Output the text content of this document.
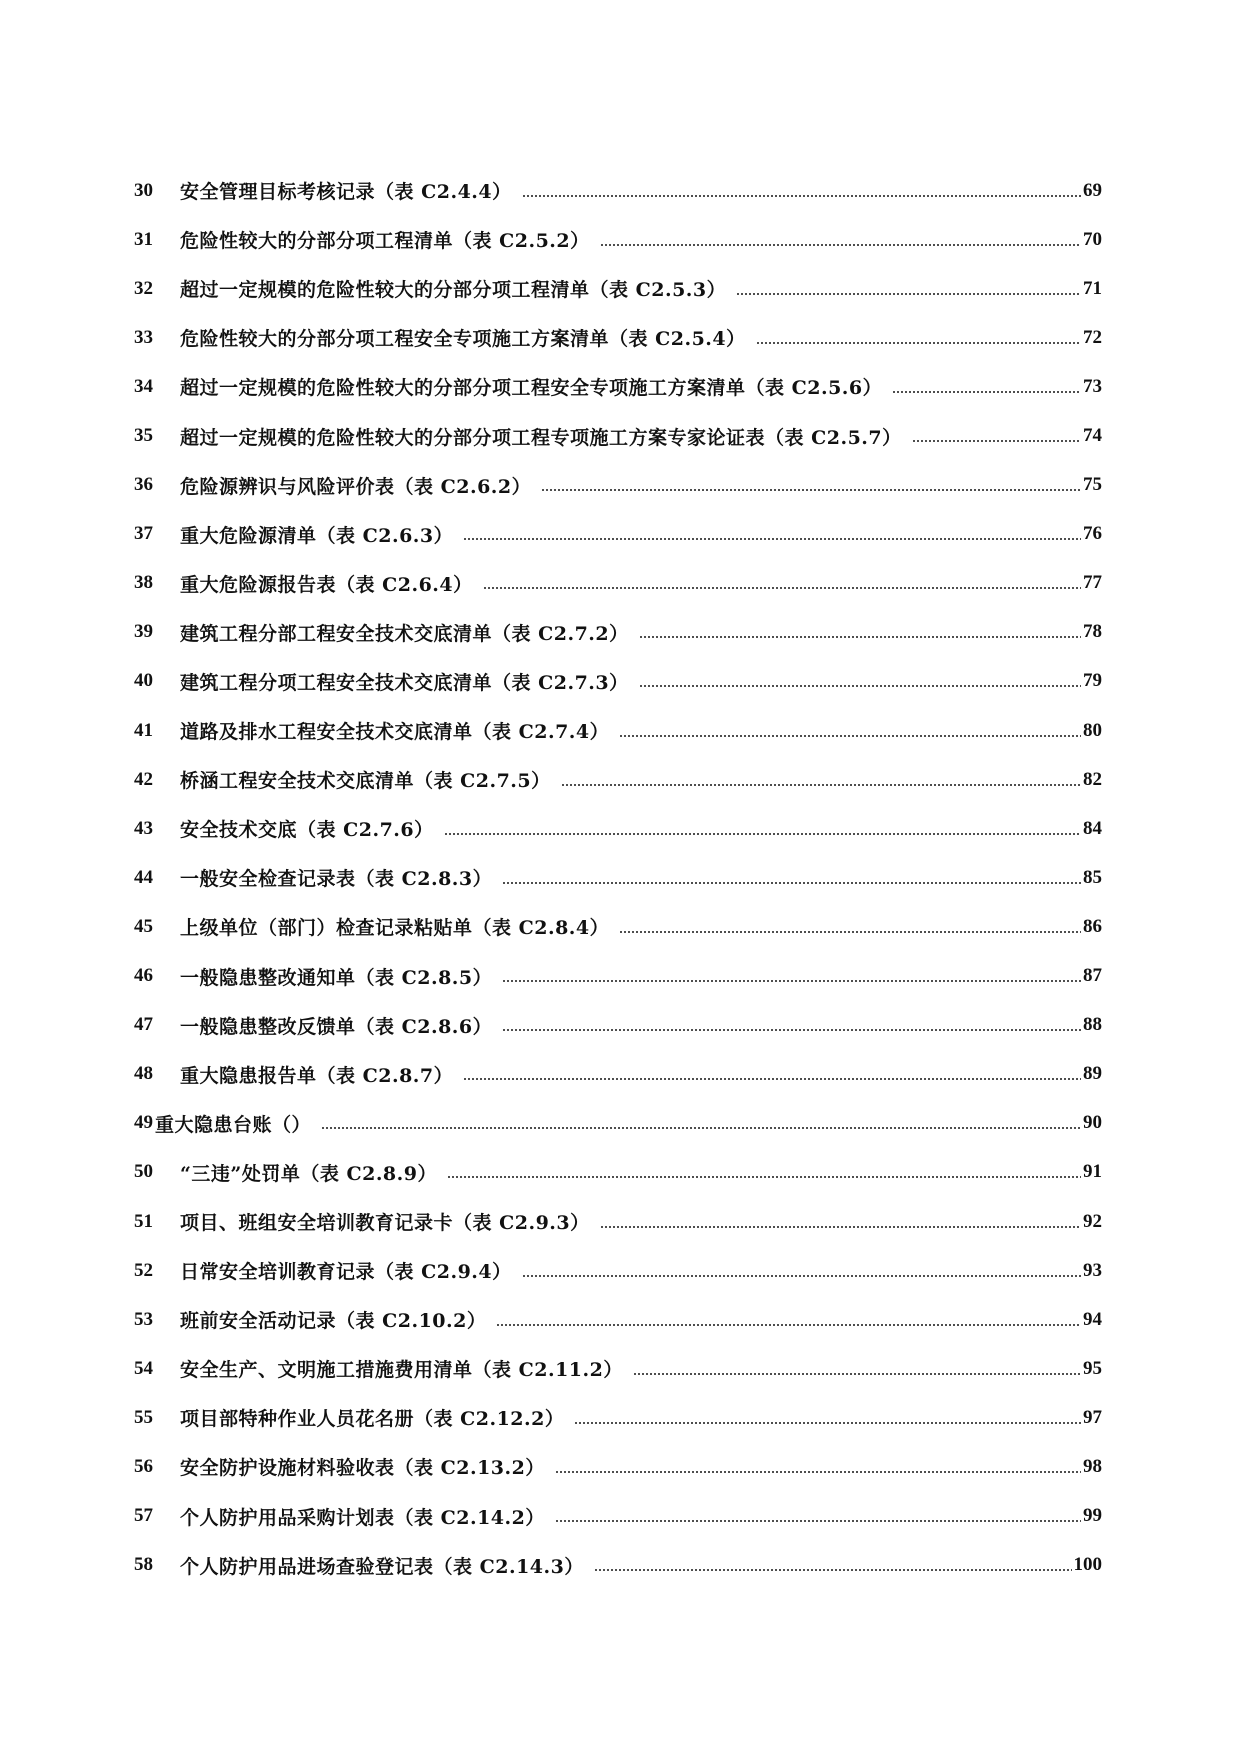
30	安全管理目标考核记录（表 C2.4.4）	69
31	危险性较大的分部分项工程清单（表 C2.5.2）	70
32	超过一定规模的危险性较大的分部分项工程清单（表 C2.5.3）	71
33	危险性较大的分部分项工程安全专项施工方案清单（表 C2.5.4）	72
34	超过一定规模的危险性较大的分部分项工程安全专项施工方案清单（表 C2.5.6）	73
35	超过一定规模的危险性较大的分部分项工程专项施工方案专家论证表（表 C2.5.7）	74
36	危险源辨识与风险评价表（表 C2.6.2）	75
37	重大危险源清单（表 C2.6.3）	76
38	重大危险源报告表（表 C2.6.4）	77
39	建筑工程分部工程安全技术交底清单（表 C2.7.2）	78
40	建筑工程分项工程安全技术交底清单（表 C2.7.3）	79
41	道路及排水工程安全技术交底清单（表 C2.7.4）	80
42	桥涵工程安全技术交底清单（表 C2.7.5）	82
43	安全技术交底（表 C2.7.6）	84
44	一般安全检查记录表（表 C2.8.3）	85
45	上级单位（部门）检查记录粘贴单（表 C2.8.4）	86
46	一般隐患整改通知单（表 C2.8.5）	87
47	一般隐患整改反馈单（表 C2.8.6）	88
48	重大隐患报告单（表 C2.8.7）	89
49 重大隐患台账（）	90
50	“三违”处罚单（表 C2.8.9）	91
51	项目、班组安全培训教育记录卡（表 C2.9.3）	92
52	日常安全培训教育记录（表 C2.9.4）	93
53	班前安全活动记录（表 C2.10.2）	94
54	安全生产、文明施工措施费用清单（表 C2.11.2）	95
55	项目部特种作业人员花名册（表 C2.12.2）	97
56	安全防护设施材料验收表（表 C2.13.2）	98
57	个人防护用品采购计划表（表 C2.14.2）	99
58	个人防护用品进场查验登记表（表 C2.14.3）	100
